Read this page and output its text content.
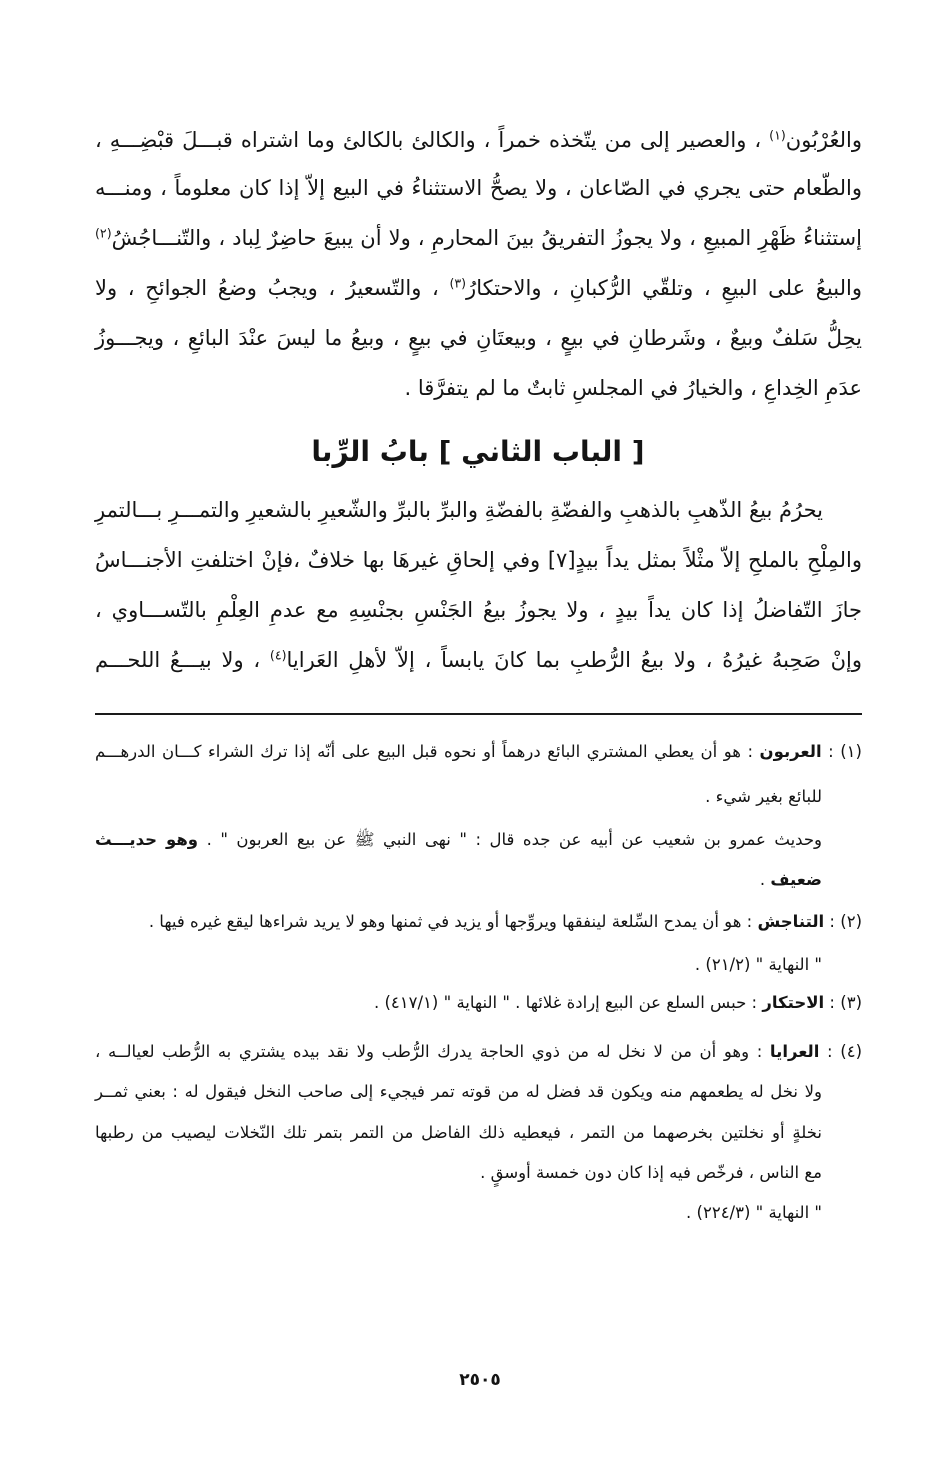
والعُرْبُون$^{(١)}$ ، والعصير إلى من يتّخذه خمراً ، والكالئ بالكالئ وما اشتراه قبـــلَ قبْضِـــهِ ،
والطّعام حتى يجري في الصّاعان ، ولا يصحُّ الاستثناءُ في البيع إلاّ إذا كان معلوماً ، ومنـــه
إستثناءُ ظَهْرِ المبيعِ ، ولا يجوزُ التفريقُ بينَ المحارمِ ، ولا أن يبيعَ حاضِرٌ لِباد ، والتّنـــاجُشُ$^{(٢)}$
والبيعُ على البيعِ ، وتلقّي الرُّكبانِ ، والاحتكارُ$^{(٣)}$ ، والتّسعيرُ ، ويجبُ وضعُ الجوائحِ ، ولا
يحِلُّ سَلفٌ وبيعٌ ، وشَرطانِ في بيعٍ ، وبيعتَانِ في بيعٍ ، وبيعُ ما ليسَ عنْدَ البائعِ ، ويجـــوزُ
عدَمِ الخِداعِ ، والخيارُ في المجلسِ ثابتٌ ما لم يتفرَّقا .
[ الباب الثاني ] بابُ الرِّبا
يحرُمُ بيعُ الذّهبِ بالذهبِ والفضّةِ بالفضّةِ والبرِّ بالبرِّ والشّعيرِ بالشعيرِ والتمـــرِ بـــالتمرِ
والمِلْحِ بالملحِ إلاّ مثْلاً بمثل يداً بيدٍ[٧] وفي إلحاقِ غيرهَا بها خلافٌ ،فإنْ اختلفتِ الأجنـــاسُ
جازَ التّفاضلُ إذا كان يداً بيدٍ ، ولا يجوزُ بيعُ الجَنْسِ بجنْسِهِ مع عدمِ العِلْمِ بالتّســـاوي ،
وإنْ صَحِبهُ غيرُهُ ، ولا بيعُ الرُّطبِ بما كانَ يابساً ، إلاّ لأهلِ العَرايا$^{(٤)}$ ، ولا بيـــعُ اللحـــم
(١) : العربون : هو أن يعطي المشتري البائع درهماً أو نحوه قبل البيع على أنّه إذا ترك الشراء كـــان الدرهـــم
للبائع بغير شيء .
وحديث عمرو بن شعيب عن أبيه عن جده قال : " نهى النبي ﷺ عن بيع العربون " . وهو حديـــث
ضعيف .
(٢) : التناجش : هو أن يمدح السِّلعة لينفقها ويروِّجها أو يزيد في ثمنها وهو لا يريد شراءها ليقع غيره فيها .
" النهاية " (٢١/٢) .
(٣) : الاحتكار : حبس السلع عن البيع إرادة غلائها . " النهاية " (٤١٧/١) .
(٤) : العرايا : وهو أن من لا نخل له من ذوي الحاجة يدرك الرُّطب ولا نقد بيده يشتري به الرُّطب لعيالــه ،
ولا نخل له يطعمهم منه ويكون قد فضل له من قوته تمر فيجيء إلى صاحب النخل فيقول له : بعني ثمــر
نخلةٍ أو نخلتين بخرصهما من التمر ، فيعطيه ذلك الفاضل من التمر بتمر تلك النّخلات ليصيب من رطبها
مع الناس ، فرخّص فيه إذا كان دون خمسة أوسقٍ .
" النهاية " (٢٢٤/٣) .
٢٥٠٥
